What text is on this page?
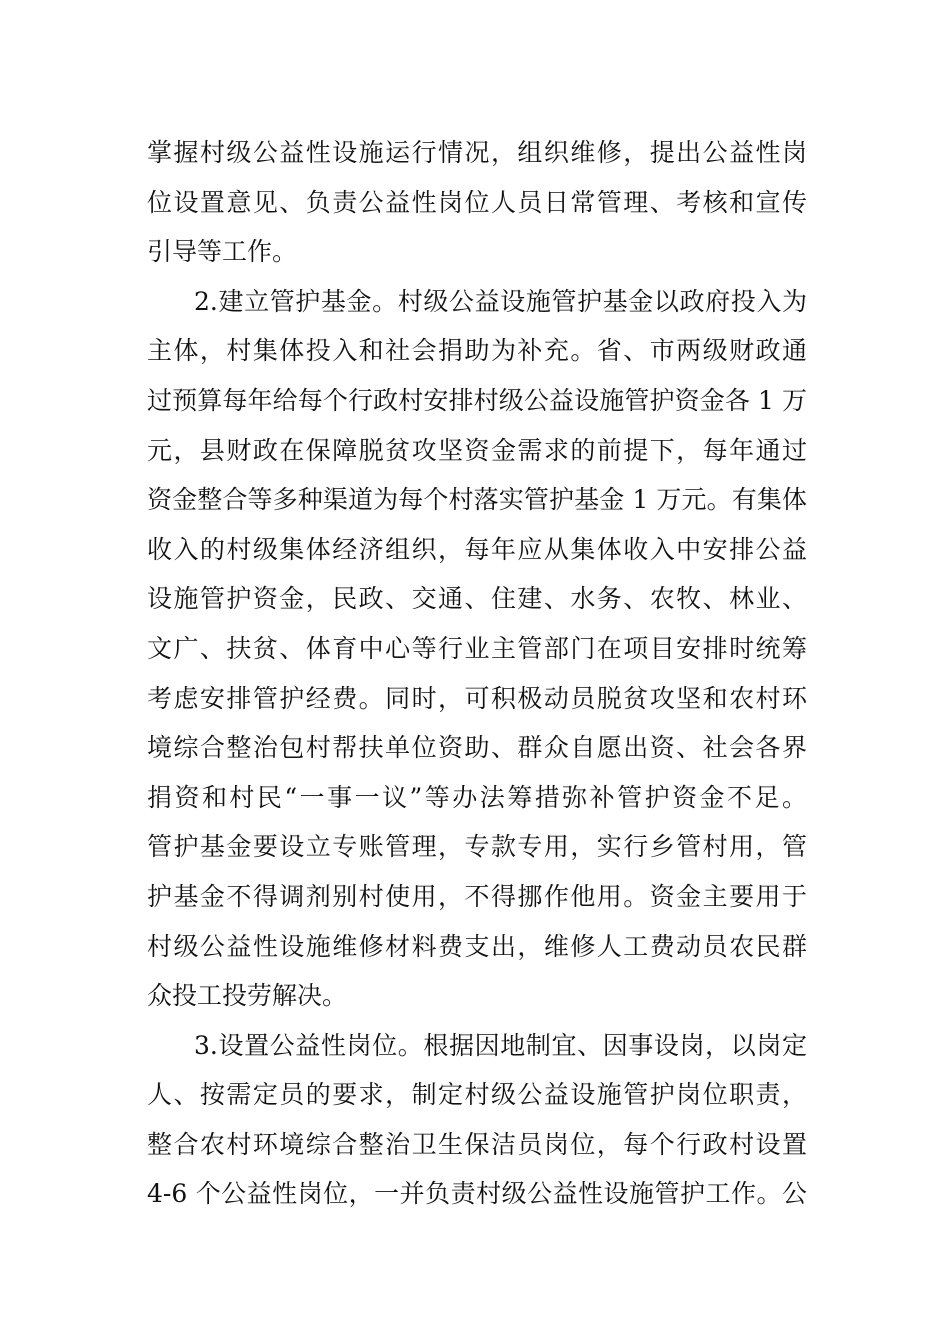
掌握村级公益性设施运行情况，组织维修，提出公益性岗
位设置意见、负责公益性岗位人员日常管理、考核和宣传
引导等工作。
2.建立管护基金。村级公益设施管护基金以政府投入为
主体，村集体投入和社会捐助为补充。省、市两级财政通
过预算每年给每个行政村安排村级公益设施管护资金各 1 万
元，县财政在保障脱贫攻坚资金需求的前提下，每年通过
资金整合等多种渠道为每个村落实管护基金 1 万元。有集体
收入的村级集体经济组织，每年应从集体收入中安排公益
设施管护资金，民政、交通、住建、水务、农牧、林业、
文广、扶贫、体育中心等行业主管部门在项目安排时统筹
考虑安排管护经费。同时，可积极动员脱贫攻坚和农村环
境综合整治包村帮扶单位资助、群众自愿出资、社会各界
捐资和村民“一事一议”等办法筹措弥补管护资金不足。
管护基金要设立专账管理，专款专用，实行乡管村用，管
护基金不得调剂别村使用，不得挪作他用。资金主要用于
村级公益性设施维修材料费支出，维修人工费动员农民群
众投工投劳解决。
3.设置公益性岗位。根据因地制宜、因事设岗，以岗定
人、按需定员的要求，制定村级公益设施管护岗位职责，
整合农村环境综合整治卫生保洁员岗位，每个行政村设置
4-6 个公益性岗位，一并负责村级公益性设施管护工作。公
